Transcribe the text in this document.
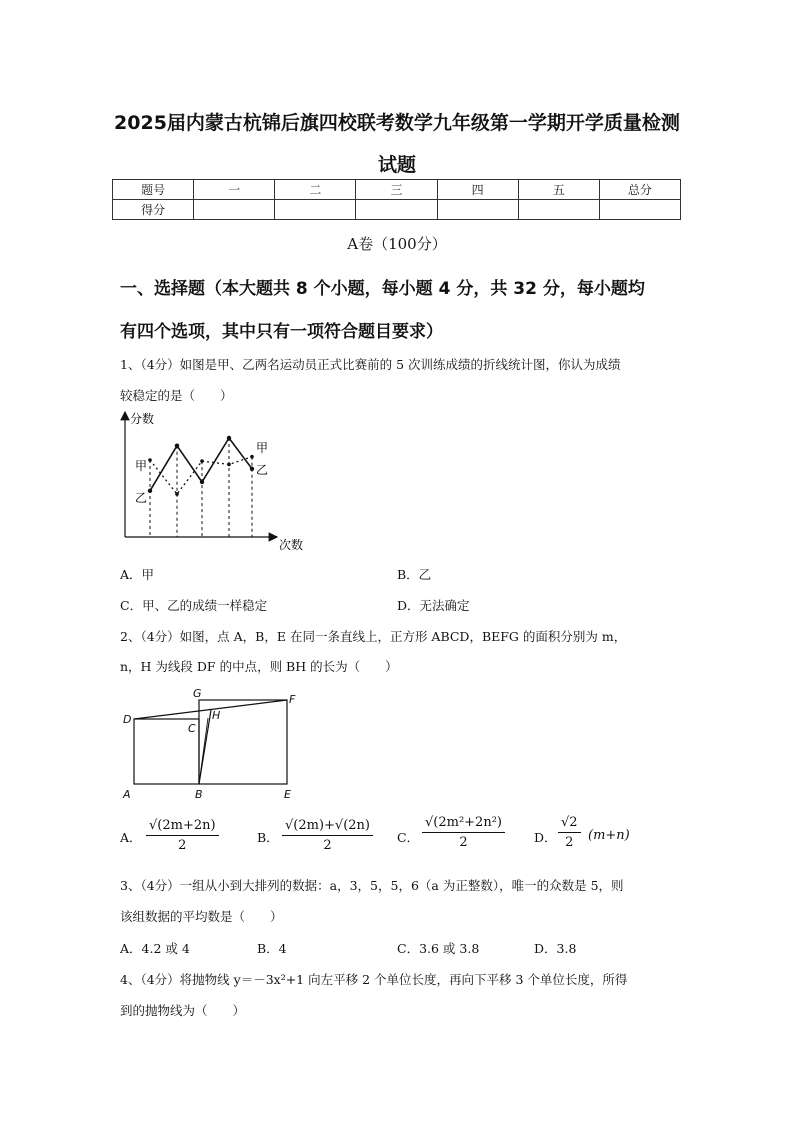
2025届内蒙古杭锦后旗四校联考数学九年级第一学期开学质量检测
试题
题号	一	二	三	四	五	总分
得分						
A卷（100分）
一、选择题（本大题共 8 个小题，每小题 4 分，共 32 分，每小题均
有四个选项，其中只有一项符合题目要求）
1、（4分）如图是甲、乙两名运动员正式比赛前的 5 次训练成绩的折线统计图，你认为成绩
较稳定的是（　　）
分数
次数
甲
乙
甲
乙
A．甲	B．乙
C．甲、乙的成绩一样稳定	D．无法确定
2、（4分）如图，点 A，B，E 在同一条直线上，正方形 ABCD，BEFG 的面积分别为 m，
n，H 为线段 DF 的中点，则 BH 的长为（　　）
A	B
C
D
E
F
G
H
A．
√(2m+2n)
2
B．
√(2m)+√(2n)
2
C．
√(2m²+2n²)
2	D．
√2
2	(m+n)
3、（4分）一组从小到大排列的数据：a，3，5，5，6（a 为正整数），唯一的众数是 5，则
该组数据的平均数是（　　）
A．4.2 或 4	B．4	C．3.6 或 3.8	D．3.8
4、（4分）将抛物线 y＝－3x²+1 向左平移 2 个单位长度，再向下平移 3 个单位长度，所得
到的抛物线为（　　）
